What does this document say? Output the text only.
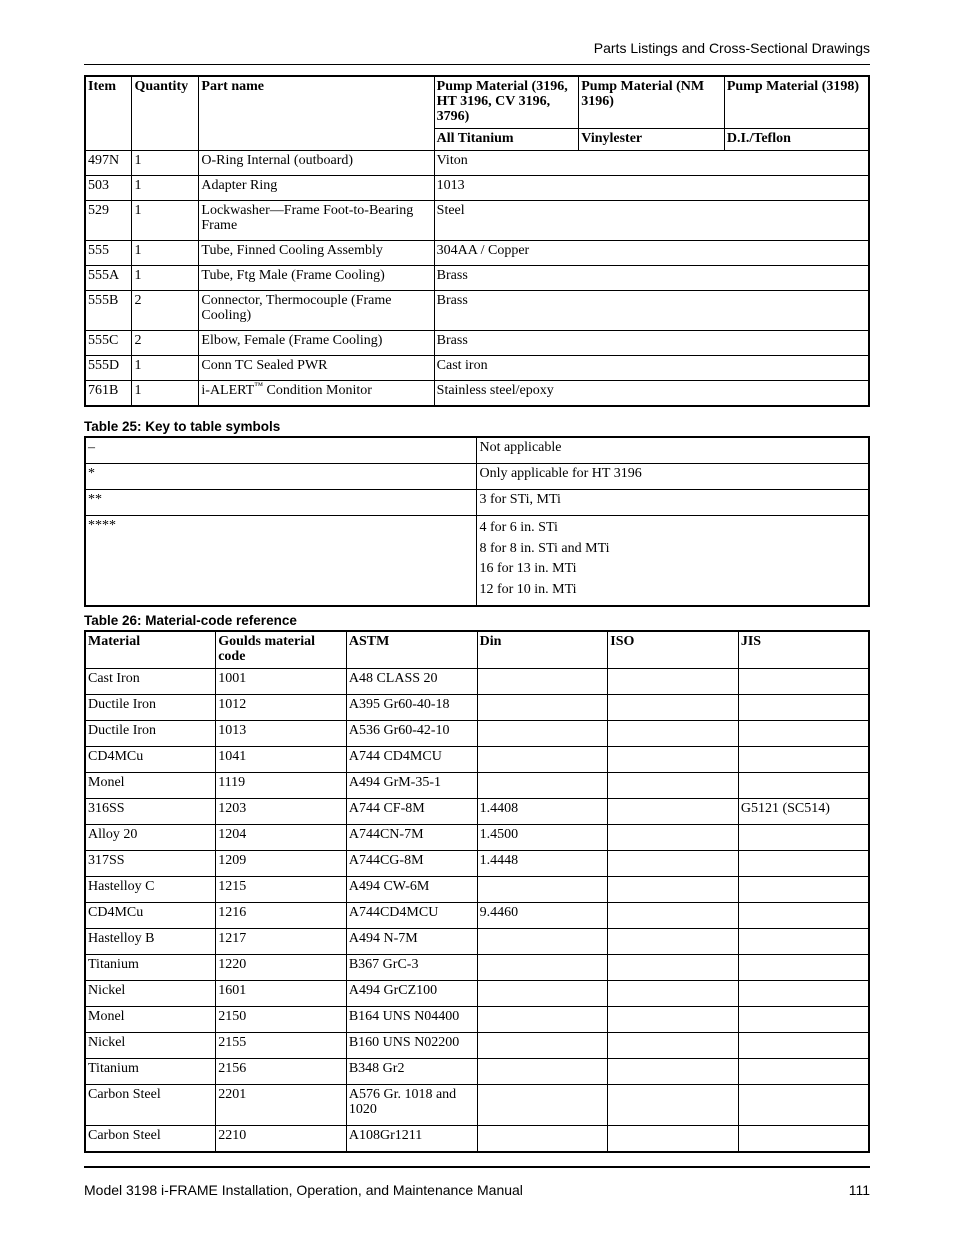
Parts Listings and Cross-Sectional Drawings
Item	Quantity	Part name	Pump Material (3196, HT 3196, CV 3196, 3796)	Pump Material (NM 3196)	Pump Material (3198)
			All Titanium	Vinylester	D.I./Teflon
497N	1	O-Ring Internal (outboard)	Viton		
503	1	Adapter Ring	1013		
529	1	Lockwasher—Frame Foot-to-Bearing Frame	Steel		
555	1	Tube, Finned Cooling Assembly	304AA / Copper		
555A	1	Tube, Ftg Male (Frame Cooling)	Brass		
555B	2	Connector, Thermocouple (Frame Cooling)	Brass		
555C	2	Elbow, Female (Frame Cooling)	Brass		
555D	1	Conn TC Sealed PWR	Cast iron		
761B	1	i-ALERT™ Condition Monitor	Stainless steel/epoxy		
Table 25: Key to table symbols
–	Not applicable
*	Only applicable for HT 3196
**	3 for STi, MTi
****	4 for 6 in. STi
8 for 8 in. STi and MTi
16 for 13 in. MTi
12 for 10 in. MTi
Table 26: Material-code reference
Material	Goulds material code	ASTM	Din	ISO	JIS
Cast Iron	1001	A48 CLASS 20			
Ductile Iron	1012	A395 Gr60-40-18			
Ductile Iron	1013	A536 Gr60-42-10			
CD4MCu	1041	A744 CD4MCU			
Monel	1119	A494 GrM-35-1			
316SS	1203	A744 CF-8M	1.4408		G5121 (SC514)
Alloy 20	1204	A744CN-7M	1.4500		
317SS	1209	A744CG-8M	1.4448		
Hastelloy C	1215	A494 CW-6M			
CD4MCu	1216	A744CD4MCU	9.4460		
Hastelloy B	1217	A494 N-7M			
Titanium	1220	B367 GrC-3			
Nickel	1601	A494 GrCZ100			
Monel	2150	B164 UNS N04400			
Nickel	2155	B160 UNS N02200			
Titanium	2156	B348 Gr2			
Carbon Steel	2201	A576 Gr. 1018 and 1020			
Carbon Steel	2210	A108Gr1211			
Model 3198 i-FRAME Installation, Operation, and Maintenance Manual	111
